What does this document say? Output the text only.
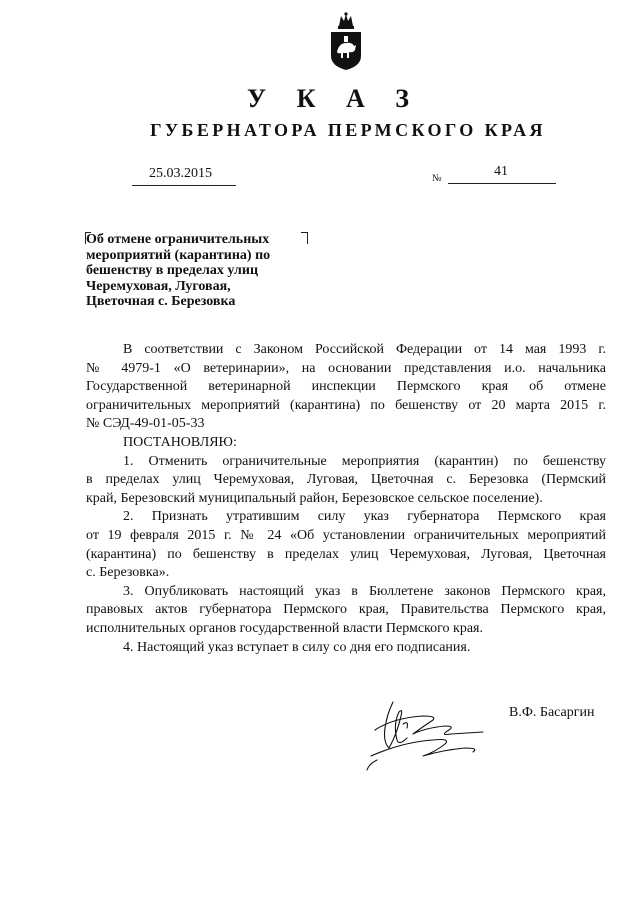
У К А З
ГУБЕРНАТОРА ПЕРМСКОГО КРАЯ
25.03.2015	№	41
Об отмене ограничительных
мероприятий (карантина) по
бешенству в пределах улиц
Черемуховая, Луговая,
Цветочная с. Березовка
В соответствии с Законом Российской Федерации от 14 мая 1993 г.
№ 4979-1 «О ветеринарии», на основании представления и.о. начальника
Государственной ветеринарной инспекции Пермского края об отмене
ограничительных мероприятий (карантина) по бешенству от 20 марта 2015 г.
№ СЭД-49-01-05-33
ПОСТАНОВЛЯЮ:
1. Отменить ограничительные мероприятия (карантин) по бешенству
в пределах улиц Черемуховая, Луговая, Цветочная с. Березовка (Пермский
край, Березовский муниципальный район, Березовское сельское поселение).
2. Признать утратившим силу указ губернатора Пермского края
от 19 февраля 2015 г. № 24 «Об установлении ограничительных мероприятий
(карантина) по бешенству в пределах улиц Черемуховая, Луговая, Цветочная
с. Березовка».
3. Опубликовать настоящий указ в Бюллетене законов Пермского края,
правовых актов губернатора Пермского края, Правительства Пермского края,
исполнительных органов государственной власти Пермского края.
4. Настоящий указ вступает в силу со дня его подписания.
В.Ф. Басаргин
